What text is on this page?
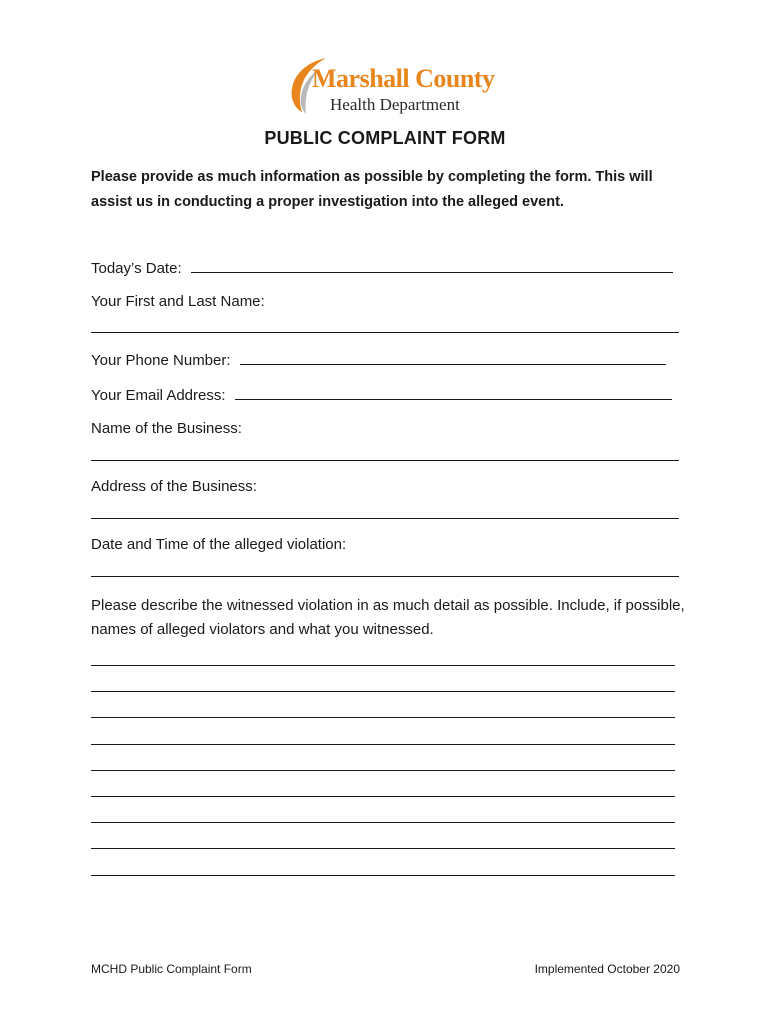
Marshall County
Health Department
PUBLIC COMPLAINT FORM
Please provide as much information as possible by completing the form. This will assist us in conducting a proper investigation into the alleged event.
Today’s Date:
Your First and Last Name:
Your Phone Number:
Your Email Address:
Name of the Business:
Address of the Business:
Date and Time of the alleged violation:
Please describe the witnessed violation in as much detail as possible. Include, if possible, names of alleged violators and what you witnessed.
MCHD Public Complaint Form	Implemented October 2020
